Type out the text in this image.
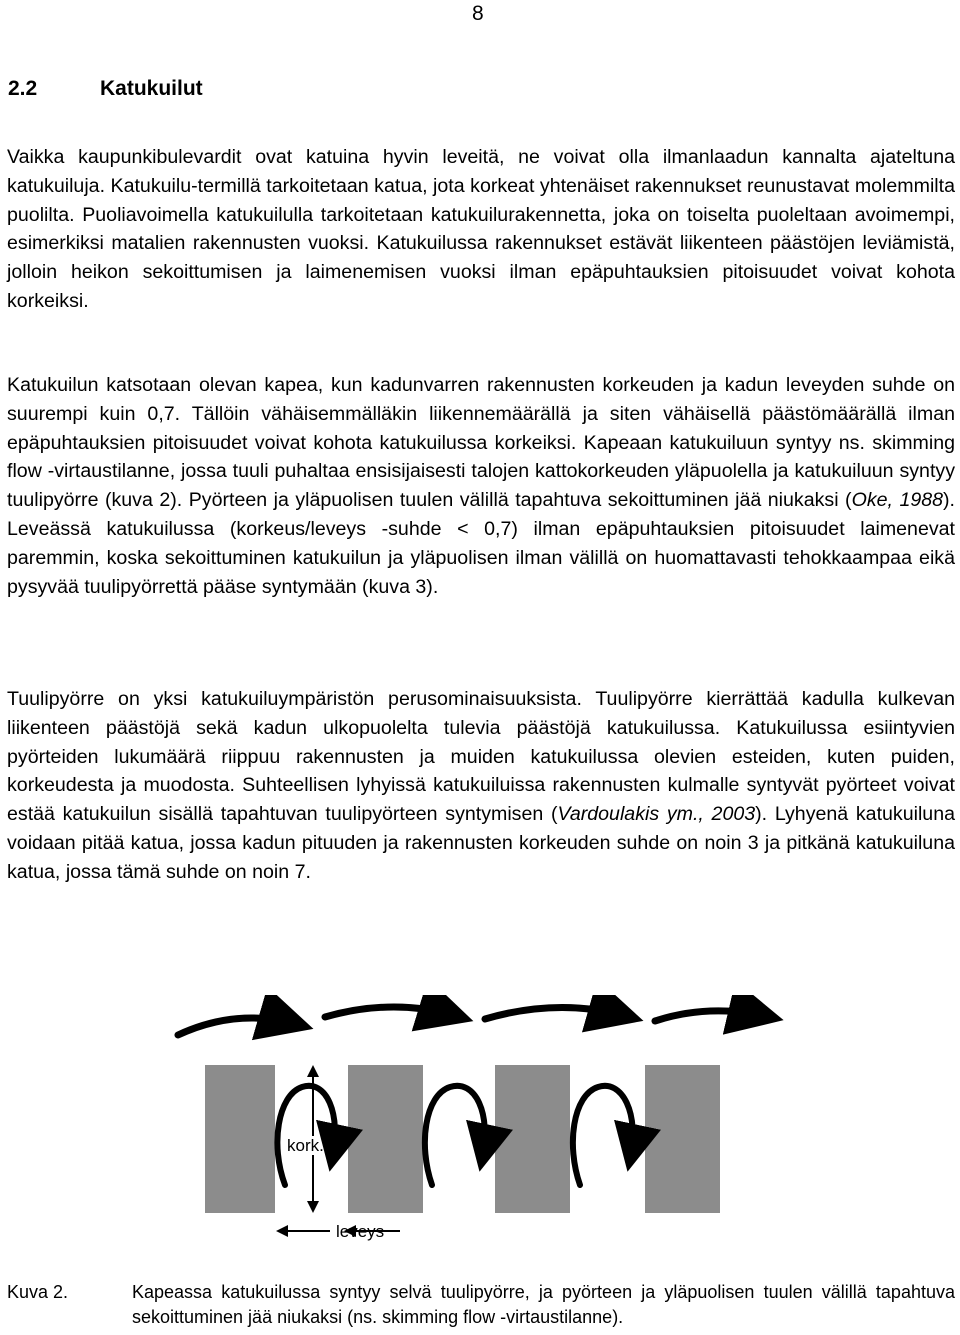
8
2.2	Katukuilut
Vaikka kaupunkibulevardit ovat katuina hyvin leveitä, ne voivat olla ilmanlaadun kannalta ajateltuna katukuiluja. Katukuilu-termillä tarkoitetaan katua, jota korkeat yhtenäiset rakennukset reunustavat molemmilta puolilta. Puoliavoimella katukuilulla tarkoitetaan katukuilurakennetta, joka on toiselta puoleltaan avoimempi, esimerkiksi matalien rakennusten vuoksi. Katukuilussa rakennukset estävät liikenteen päästöjen leviämistä, jolloin heikon sekoittumisen ja laimenemisen vuoksi ilman epäpuhtauksien pitoisuudet voivat kohota korkeiksi.
Katukuilun katsotaan olevan kapea, kun kadunvarren rakennusten korkeuden ja kadun leveyden suhde on suurempi kuin 0,7. Tällöin vähäisemmälläkin liikennemäärällä ja siten vähäisellä päästömäärällä ilman epäpuhtauksien pitoisuudet voivat kohota katukuilussa korkeiksi. Kapeaan katukuiluun syntyy ns. skimming flow -virtaustilanne, jossa tuuli puhaltaa ensisijaisesti talojen kattokorkeuden yläpuolella ja katukuiluun syntyy tuulipyörre (kuva 2). Pyörteen ja yläpuolisen tuulen välillä tapahtuva sekoittuminen jää niukaksi (Oke, 1988). Leveässä katukuilussa (korkeus/leveys -suhde < 0,7) ilman epäpuhtauksien pitoisuudet laimenevat paremmin, koska sekoittuminen katukuilun ja yläpuolisen ilman välillä on huomattavasti tehokkaampaa eikä pysyvää tuulipyörrettä pääse syntymään (kuva 3).
Tuulipyörre on yksi katukuiluympäristön perusominaisuuksista. Tuulipyörre kierrättää kadulla kulkevan liikenteen päästöjä sekä kadun ulkopuolelta tulevia päästöjä katukuilussa. Katukuilussa esiintyvien pyörteiden lukumäärä riippuu rakennusten ja muiden katukuilussa olevien esteiden, kuten puiden, korkeudesta ja muodosta. Suhteellisen lyhyissä katukuiluissa rakennusten kulmalle syntyvät pyörteet voivat estää katukuilun sisällä tapahtuvan tuulipyörteen syntymisen (Vardoulakis ym., 2003). Lyhyenä katukuiluna voidaan pitää katua, jossa kadun pituuden ja rakennusten korkeuden suhde on noin 3 ja pitkänä katukuiluna katua, jossa tämä suhde on noin 7.
kork.
leveys
Kuva 2.	Kapeassa katukuilussa syntyy selvä tuulipyörre, ja pyörteen ja yläpuolisen tuulen välillä tapahtuva sekoittuminen jää niukaksi (ns. skimming flow -virtaustilanne).
